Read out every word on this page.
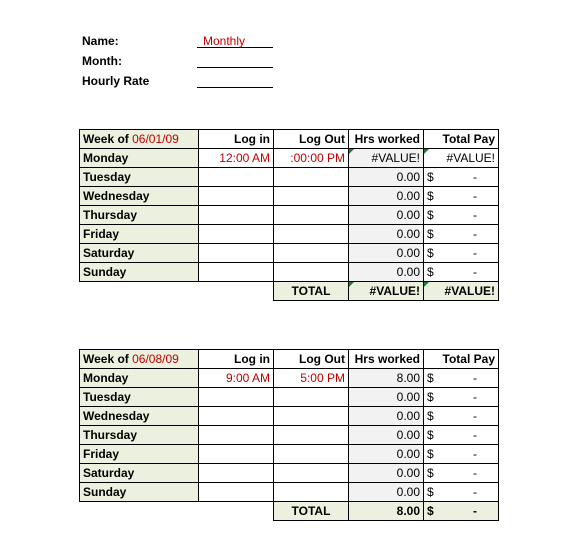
Name:	Monthly
Month:
Hourly Rate
Week of 06/01/09	Log in	Log Out	Hrs worked	Total Pay
Monday	12:00 AM	:00:00 PM	#VALUE!	#VALUE!
Tuesday			0.00	$ -

Wednesday			0.00	$ -

Thursday			0.00	$ -

Friday			0.00	$ -

Saturday			0.00	$ -

Sunday			0.00	$ -

		TOTAL	#VALUE!	#VALUE!
Week of 06/08/09	Log in	Log Out	Hrs worked	Total Pay
Monday	9:00 AM	5:00 PM	8.00	$ -

Tuesday			0.00	$ -

Wednesday			0.00	$ -

Thursday			0.00	$ -

Friday			0.00	$ -

Saturday			0.00	$ -

Sunday			0.00	$ -

		TOTAL	8.00	$ -
